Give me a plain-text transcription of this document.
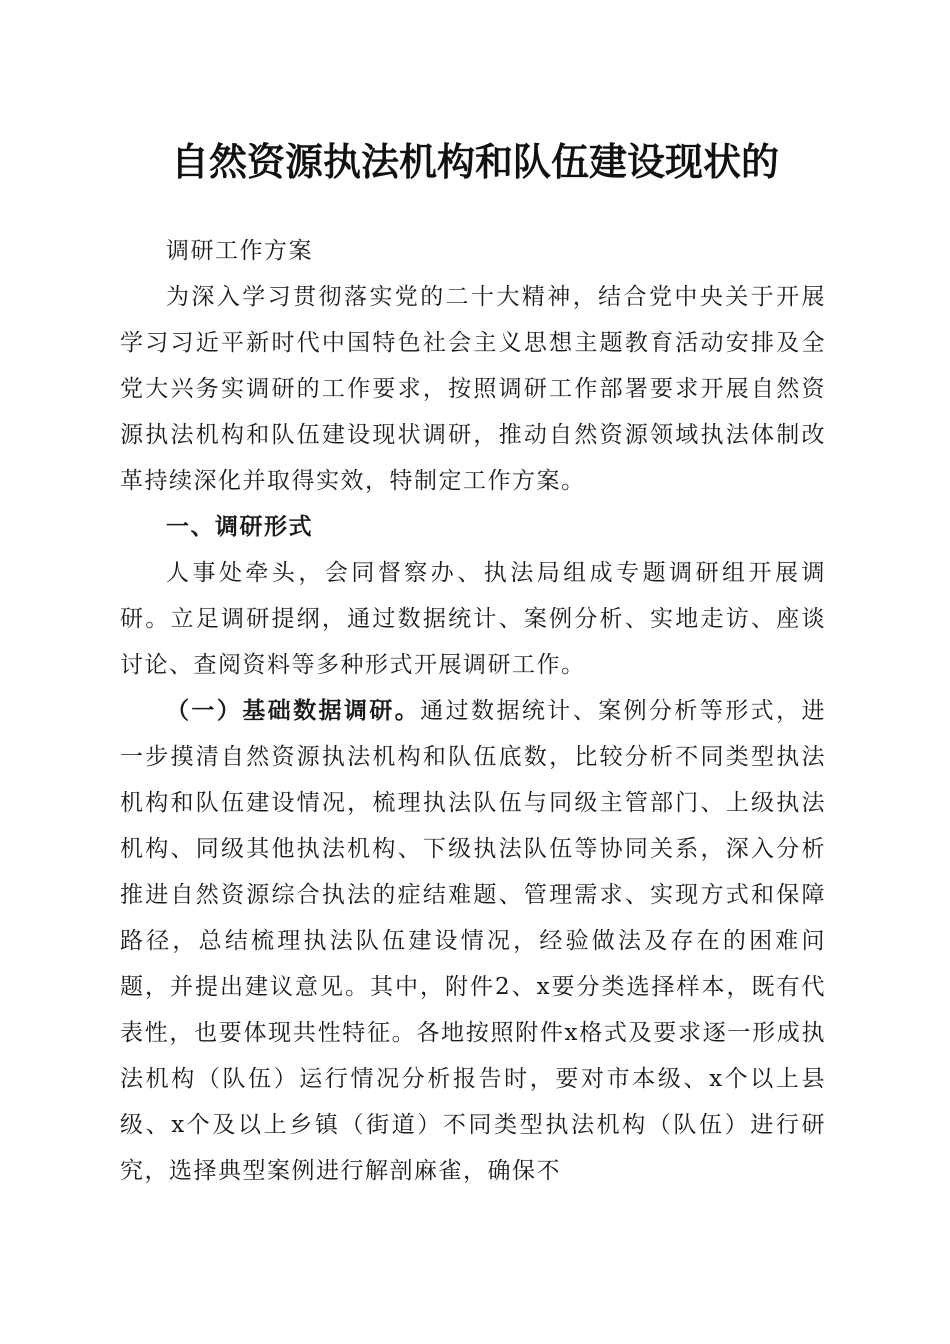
自然资源执法机构和队伍建设现状的

调研工作方案

为深入学习贯彻落实党的二十大精神，结合党中央关于开展学习习近平新时代中国特色社会主义思想主题教育活动安排及全党大兴务实调研的工作要求，按照调研工作部署要求开展自然资源执法机构和队伍建设现状调研，推动自然资源领域执法体制改革持续深化并取得实效，特制定工作方案。

一、调研形式

人事处牵头，会同督察办、执法局组成专题调研组开展调研。立足调研提纲，通过数据统计、案例分析、实地走访、座谈讨论、查阅资料等多种形式开展调研工作。

（一）基础数据调研。通过数据统计、案例分析等形式，进一步摸清自然资源执法机构和队伍底数，比较分析不同类型执法机构和队伍建设情况，梳理执法队伍与同级主管部门、上级执法机构、同级其他执法机构、下级执法队伍等协同关系，深入分析推进自然资源综合执法的症结难题、管理需求、实现方式和保障路径，总结梳理执法队伍建设情况，经验做法及存在的困难问题，并提出建议意见。其中，附件2、x要分类选择样本，既有代表性，也要体现共性特征。各地按照附件x格式及要求逐一形成执法机构（队伍）运行情况分析报告时，要对市本级、x个以上县级、x个及以上乡镇（街道）不同类型执法机构（队伍）进行研究，选择典型案例进行解剖麻雀，确保不
